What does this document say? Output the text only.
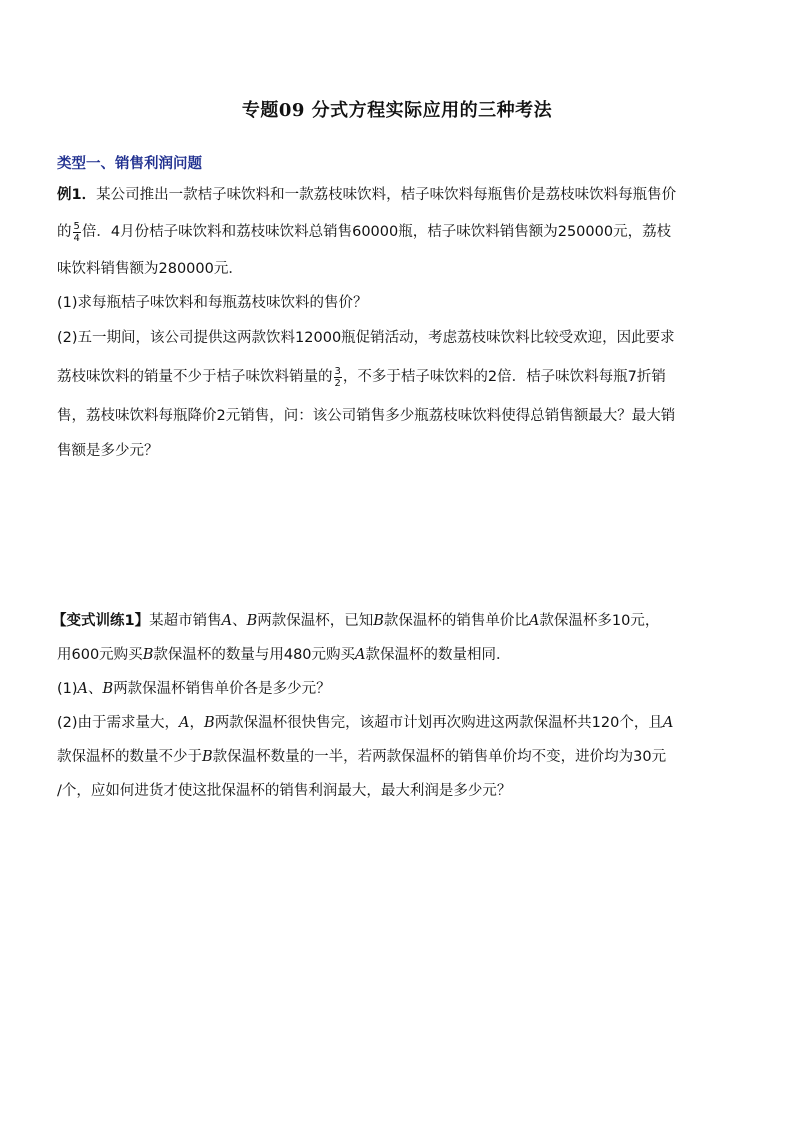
专题09 分式方程实际应用的三种考法
类型一、销售利润问题
例1．某公司推出一款桔子味饮料和一款荔枝味饮料，桔子味饮料每瓶售价是荔枝味饮料每瓶售价
的 $\frac{5}{4}$ 倍．4月份桔子味饮料和荔枝味饮料总销售60000瓶，桔子味饮料销售额为250000元，荔枝
味饮料销售额为280000元．
(1)求每瓶桔子味饮料和每瓶荔枝味饮料的售价？
(2)五一期间，该公司提供这两款饮料12000瓶促销活动，考虑荔枝味饮料比较受欢迎，因此要求
荔枝味饮料的销量不少于桔子味饮料销量的 $\frac{3}{2}$ ，不多于桔子味饮料的2倍．桔子味饮料每瓶7折销
售，荔枝味饮料每瓶降价2元销售，问：该公司销售多少瓶荔枝味饮料使得总销售额最大？最大销
售额是多少元？
【变式训练1】某超市销售A、B两款保温杯，已知B款保温杯的销售单价比A款保温杯多10元，
用600元购买B款保温杯的数量与用480元购买A款保温杯的数量相同．
(1)A、B两款保温杯销售单价各是多少元？
(2)由于需求量大，A，B两款保温杯很快售完，该超市计划再次购进这两款保温杯共120个，且A
款保温杯的数量不少于B款保温杯数量的一半，若两款保温杯的销售单价均不变，进价均为30元
/个，应如何进货才使这批保温杯的销售利润最大，最大利润是多少元？
